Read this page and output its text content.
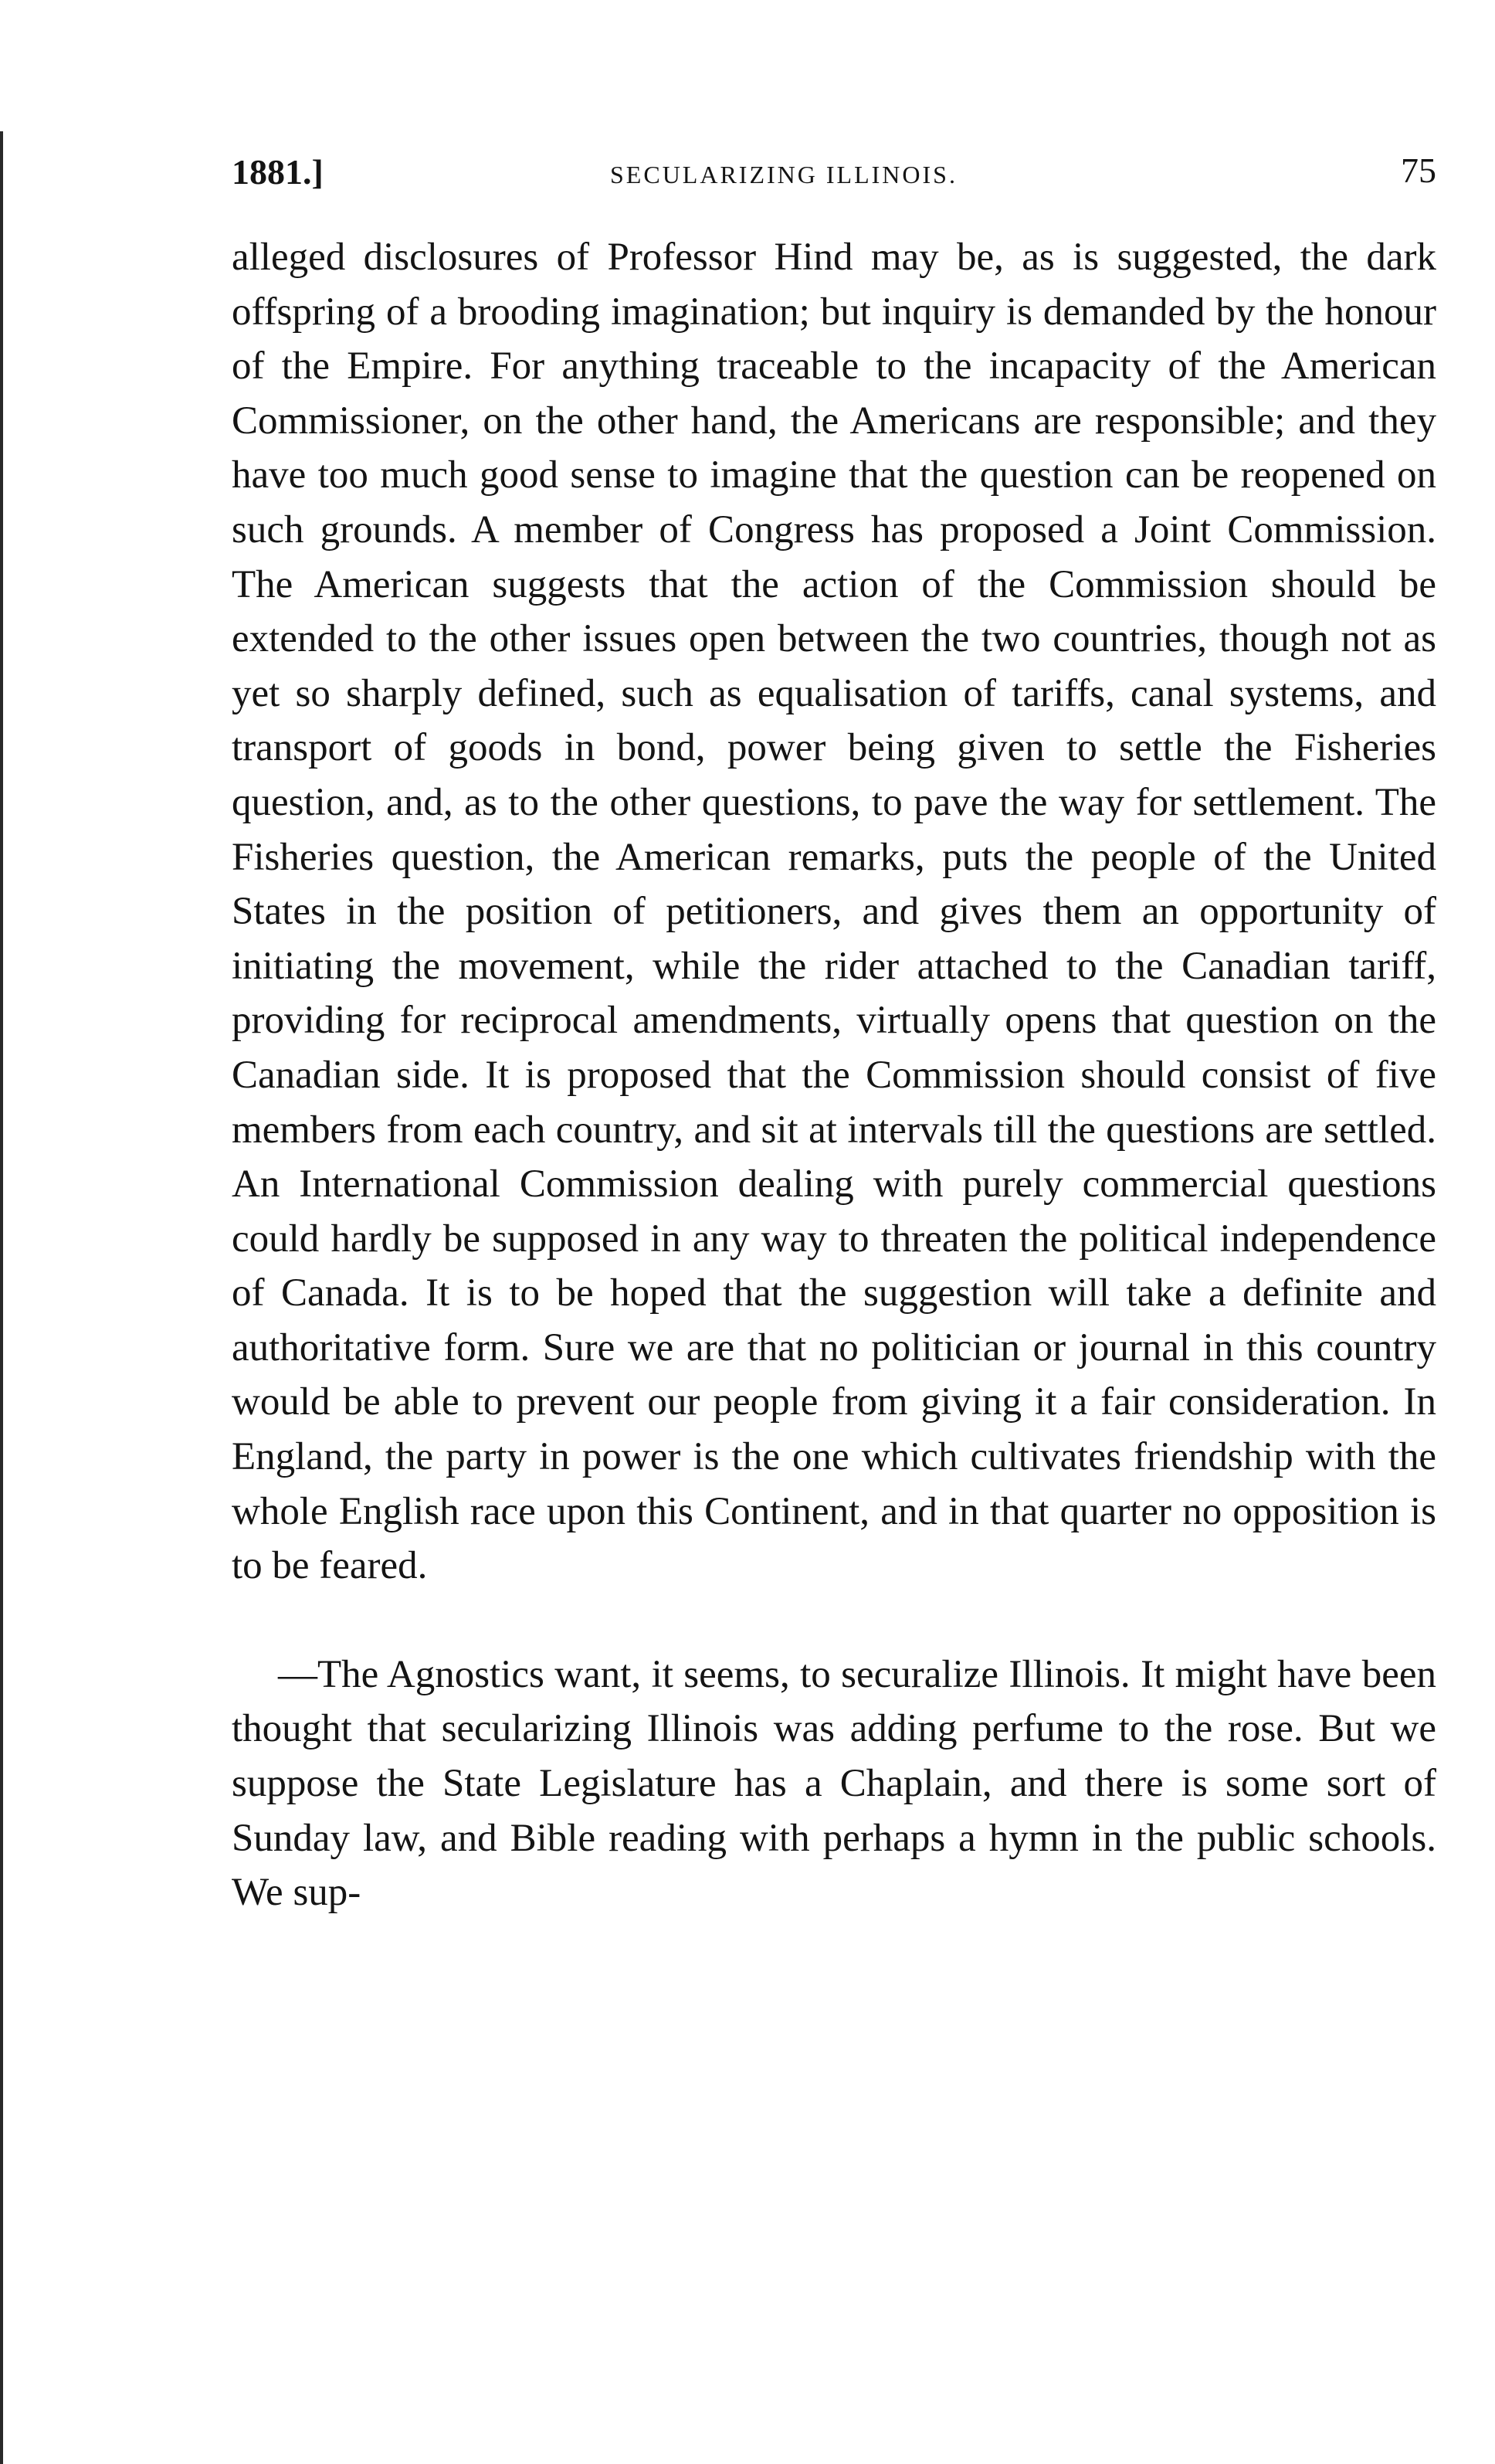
1881.]	SECULARIZING ILLINOIS.	75

alleged disclosures of Professor Hind may be, as is suggested, the dark offspring of a brooding imagination; but inquiry is demanded by the honour of the Empire. For anything traceable to the incapacity of the American Commissioner, on the other hand, the Americans are responsible; and they have too much good sense to imagine that the question can be reopened on such grounds. A member of Congress has proposed a Joint Commission. The American suggests that the action of the Commission should be extended to the other issues open between the two countries, though not as yet so sharply defined, such as equalisation of tariffs, canal systems, and transport of goods in bond, power being given to settle the Fisheries question, and, as to the other questions, to pave the way for settlement. The Fisheries question, the American remarks, puts the people of the United States in the position of petitioners, and gives them an opportunity of initiating the movement, while the rider attached to the Canadian tariff, providing for reciprocal amendments, virtually opens that question on the Canadian side. It is proposed that the Commission should consist of five members from each country, and sit at intervals till the questions are settled. An International Commission dealing with purely commercial questions could hardly be supposed in any way to threaten the political independence of Canada. It is to be hoped that the suggestion will take a definite and authoritative form. Sure we are that no politician or journal in this country would be able to prevent our people from giving it a fair consideration. In England, the party in power is the one which cultivates friendship with the whole English race upon this Continent, and in that quarter no opposition is to be feared.

—The Agnostics want, it seems, to securalize Illinois. It might have been thought that secularizing Illinois was adding perfume to the rose. But we suppose the State Legislature has a Chaplain, and there is some sort of Sunday law, and Bible reading with perhaps a hymn in the public schools. We sup-
